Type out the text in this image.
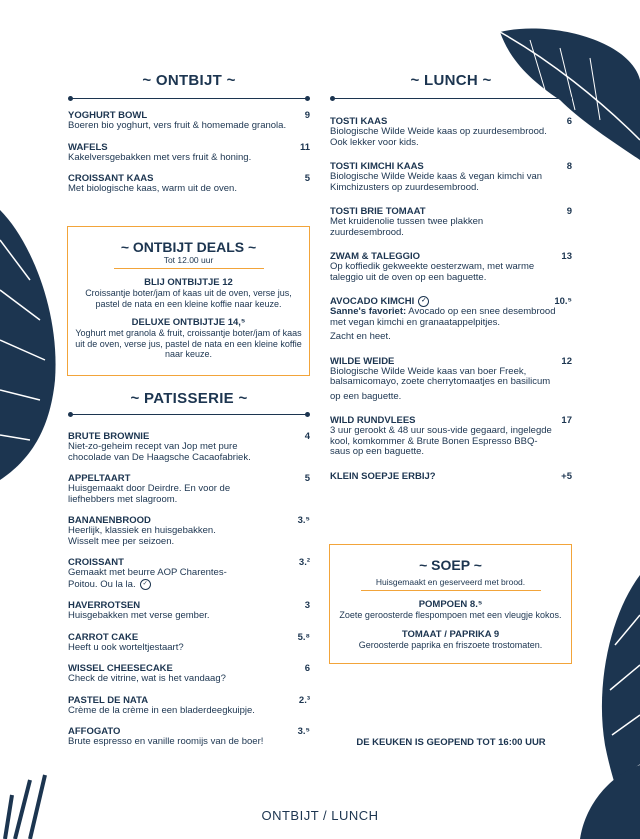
~ ONTBIJT ~
YOGHURT BOWL
Boeren bio yoghurt, vers fruit & homemade granola.
9
WAFELS
Kakelversgebakken met vers fruit & honing.
11
CROISSANT KAAS
Met biologische kaas, warm uit de oven.
5
~ ONTBIJT DEALS ~
Tot 12.00 uur
BLIJ ONTBIJTJE 12
Croissantje boter/jam of kaas uit de oven, verse jus, pastel de nata en een kleine koffie naar keuze.
DELUXE ONTBIJTJE 14,⁵
Yoghurt met granola & fruit, croissantje boter/jam of kaas uit de oven, verse jus, pastel de nata en een kleine koffie naar keuze.
~ PATISSERIE ~
BRUTE BROWNIE
Niet-zo-geheim recept van Jop met pure chocolade van De Haagsche Cacaofabriek.
4
APPELTAART
Huisgemaakt door Deirdre. En voor de liefhebbers met slagroom.
5
BANANENBROOD
Heerlijk, klassiek en huisgebakken. Wisselt mee per seizoen.
3.⁵
CROISSANT
Gemaakt met beurre AOP Charentes-Poitou. Ou la la. ✓
3.²
HAVERROTSEN
Huisgebakken met verse gember.
3
CARROT CAKE
Heeft u ook worteltjestaart?
5.⁸
WISSEL CHEESECAKE
Check de vitrine, wat is het vandaag?
6
PASTEL DE NATA
Crème de la crème in een bladerdeegkuipje.
2.³
AFFOGATO
Brute espresso en vanille roomijs van de boer!
3.⁵
~ LUNCH ~
TOSTI KAAS
Biologische Wilde Weide kaas op zuurdesembrood. Ook lekker voor kids.
6
TOSTI KIMCHI KAAS
Biologische Wilde Weide kaas & vegan kimchi van Kimchizusters op zuurdesembrood.
8
TOSTI BRIE TOMAAT
Met kruidenolie tussen twee plakken zuurdesembrood.
9
ZWAM & TALEGGIO
Op koffiedik gekweekte oesterzwam, met warme taleggio uit de oven op een baguette.
13
AVOCADO KIMCHI ✓
Sanne's favoriet: Avocado op een snee desembrood met vegan kimchi en granaatappelpitjes.
Zacht en heet.
10.⁵
WILDE WEIDE
Biologische Wilde Weide kaas van boer Freek, balsamicomayo, zoete cherrytomaatjes en basilicum
op een baguette.
12
WILD RUNDVLEES
3 uur gerookt & 48 uur sous-vide gegaard, ingelegde kool, komkommer & Brute Bonen Espresso BBQ-saus op een baguette.
17
KLEIN SOEPJE ERBIJ?	+5
~ SOEP ~
Huisgemaakt en geserveerd met brood.
POMPOEN 8.⁵
Zoete geroosterde flespompoen met een vleugje kokos.
TOMAAT / PAPRIKA 9
Geroosterde paprika en friszoete trostomaten.
DE KEUKEN IS GEOPEND TOT 16:00 UUR
ONTBIJT / LUNCH
